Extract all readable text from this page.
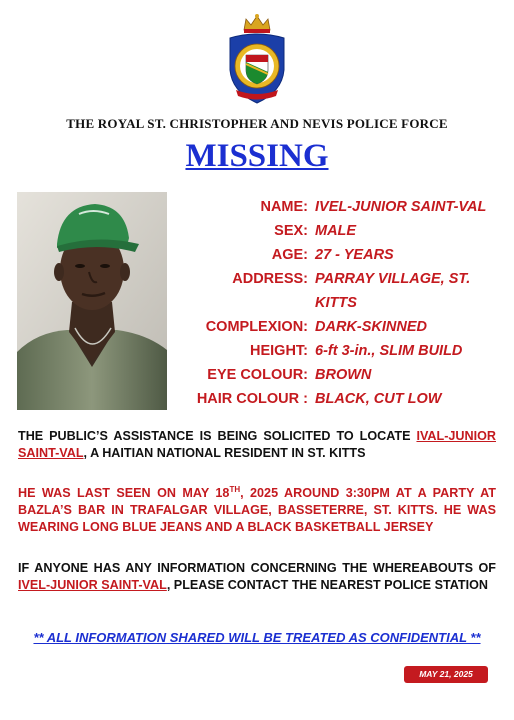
THE ROYAL ST. CHRISTOPHER AND NEVIS POLICE FORCE
MISSING
NAME: IVEL-JUNIOR SAINT-VAL
SEX: MALE
AGE: 27 - YEARS
ADDRESS: PARRAY VILLAGE, ST. KITTS
COMPLEXION: DARK-SKINNED
HEIGHT: 6-ft 3-in., SLIM BUILD
EYE COLOUR: BROWN
HAIR COLOUR : BLACK, CUT LOW

THE PUBLIC’S ASSISTANCE IS BEING SOLICITED TO LOCATE IVAL-JUNIOR SAINT-VAL, A HAITIAN NATIONAL RESIDENT IN ST. KITTS

HE WAS LAST SEEN ON MAY 18TH, 2025 AROUND 3:30PM AT A PARTY AT BAZLA’S BAR IN TRAFALGAR VILLAGE, BASSETERRE, ST. KITTS. HE WAS WEARING LONG BLUE JEANS AND A BLACK BASKETBALL JERSEY

IF ANYONE HAS ANY INFORMATION CONCERNING THE WHEREABOUTS OF IVEL-JUNIOR SAINT-VAL, PLEASE CONTACT THE NEAREST POLICE STATION

** ALL INFORMATION SHARED WILL BE TREATED AS CONFIDENTIAL **
MAY 21, 2025
